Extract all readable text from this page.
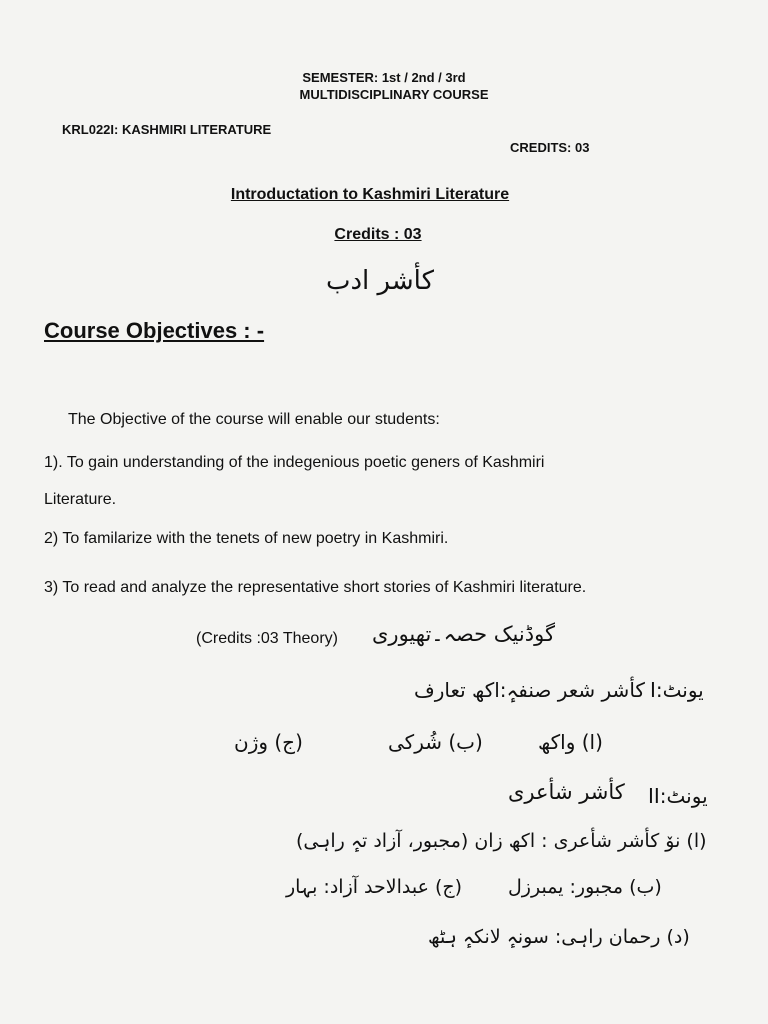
SEMESTER: 1st / 2nd / 3rd
MULTIDISCIPLINARY COURSE
KRL022I: KASHMIRI LITERATURE
CREDITS: 03
Introductation to Kashmiri Literature
Credits : 03
کأشر ادب
Course Objectives : -
The Objective of the course will enable our students:
1). To gain understanding of the indegenious poetic geners of Kashmiri
Literature.
2) To familarize with the tenets of new poetry in Kashmiri.
3) To read and analyze the representative short stories of Kashmiri literature.
(Credits :03 Theory) گوڈنیک حصہ۔تھیوری
یونٹ:I
کأشر شعر صنفہٕ:اکھ تعارف
(ا) واکھ
(ب) شُرکی
(ج) وژن
یونٹ:II
کأشر شأعری
(ا) نوٚ کأشر شأعری : اکھ زان (مجبور، آزاد تہٕ راہی)
(ب) مجبور: یمبرزل
(ج) عبدالاحد آزاد: بہار
(د) رحمان راہی: سونہٕ لانکہٕ ہٹھ
